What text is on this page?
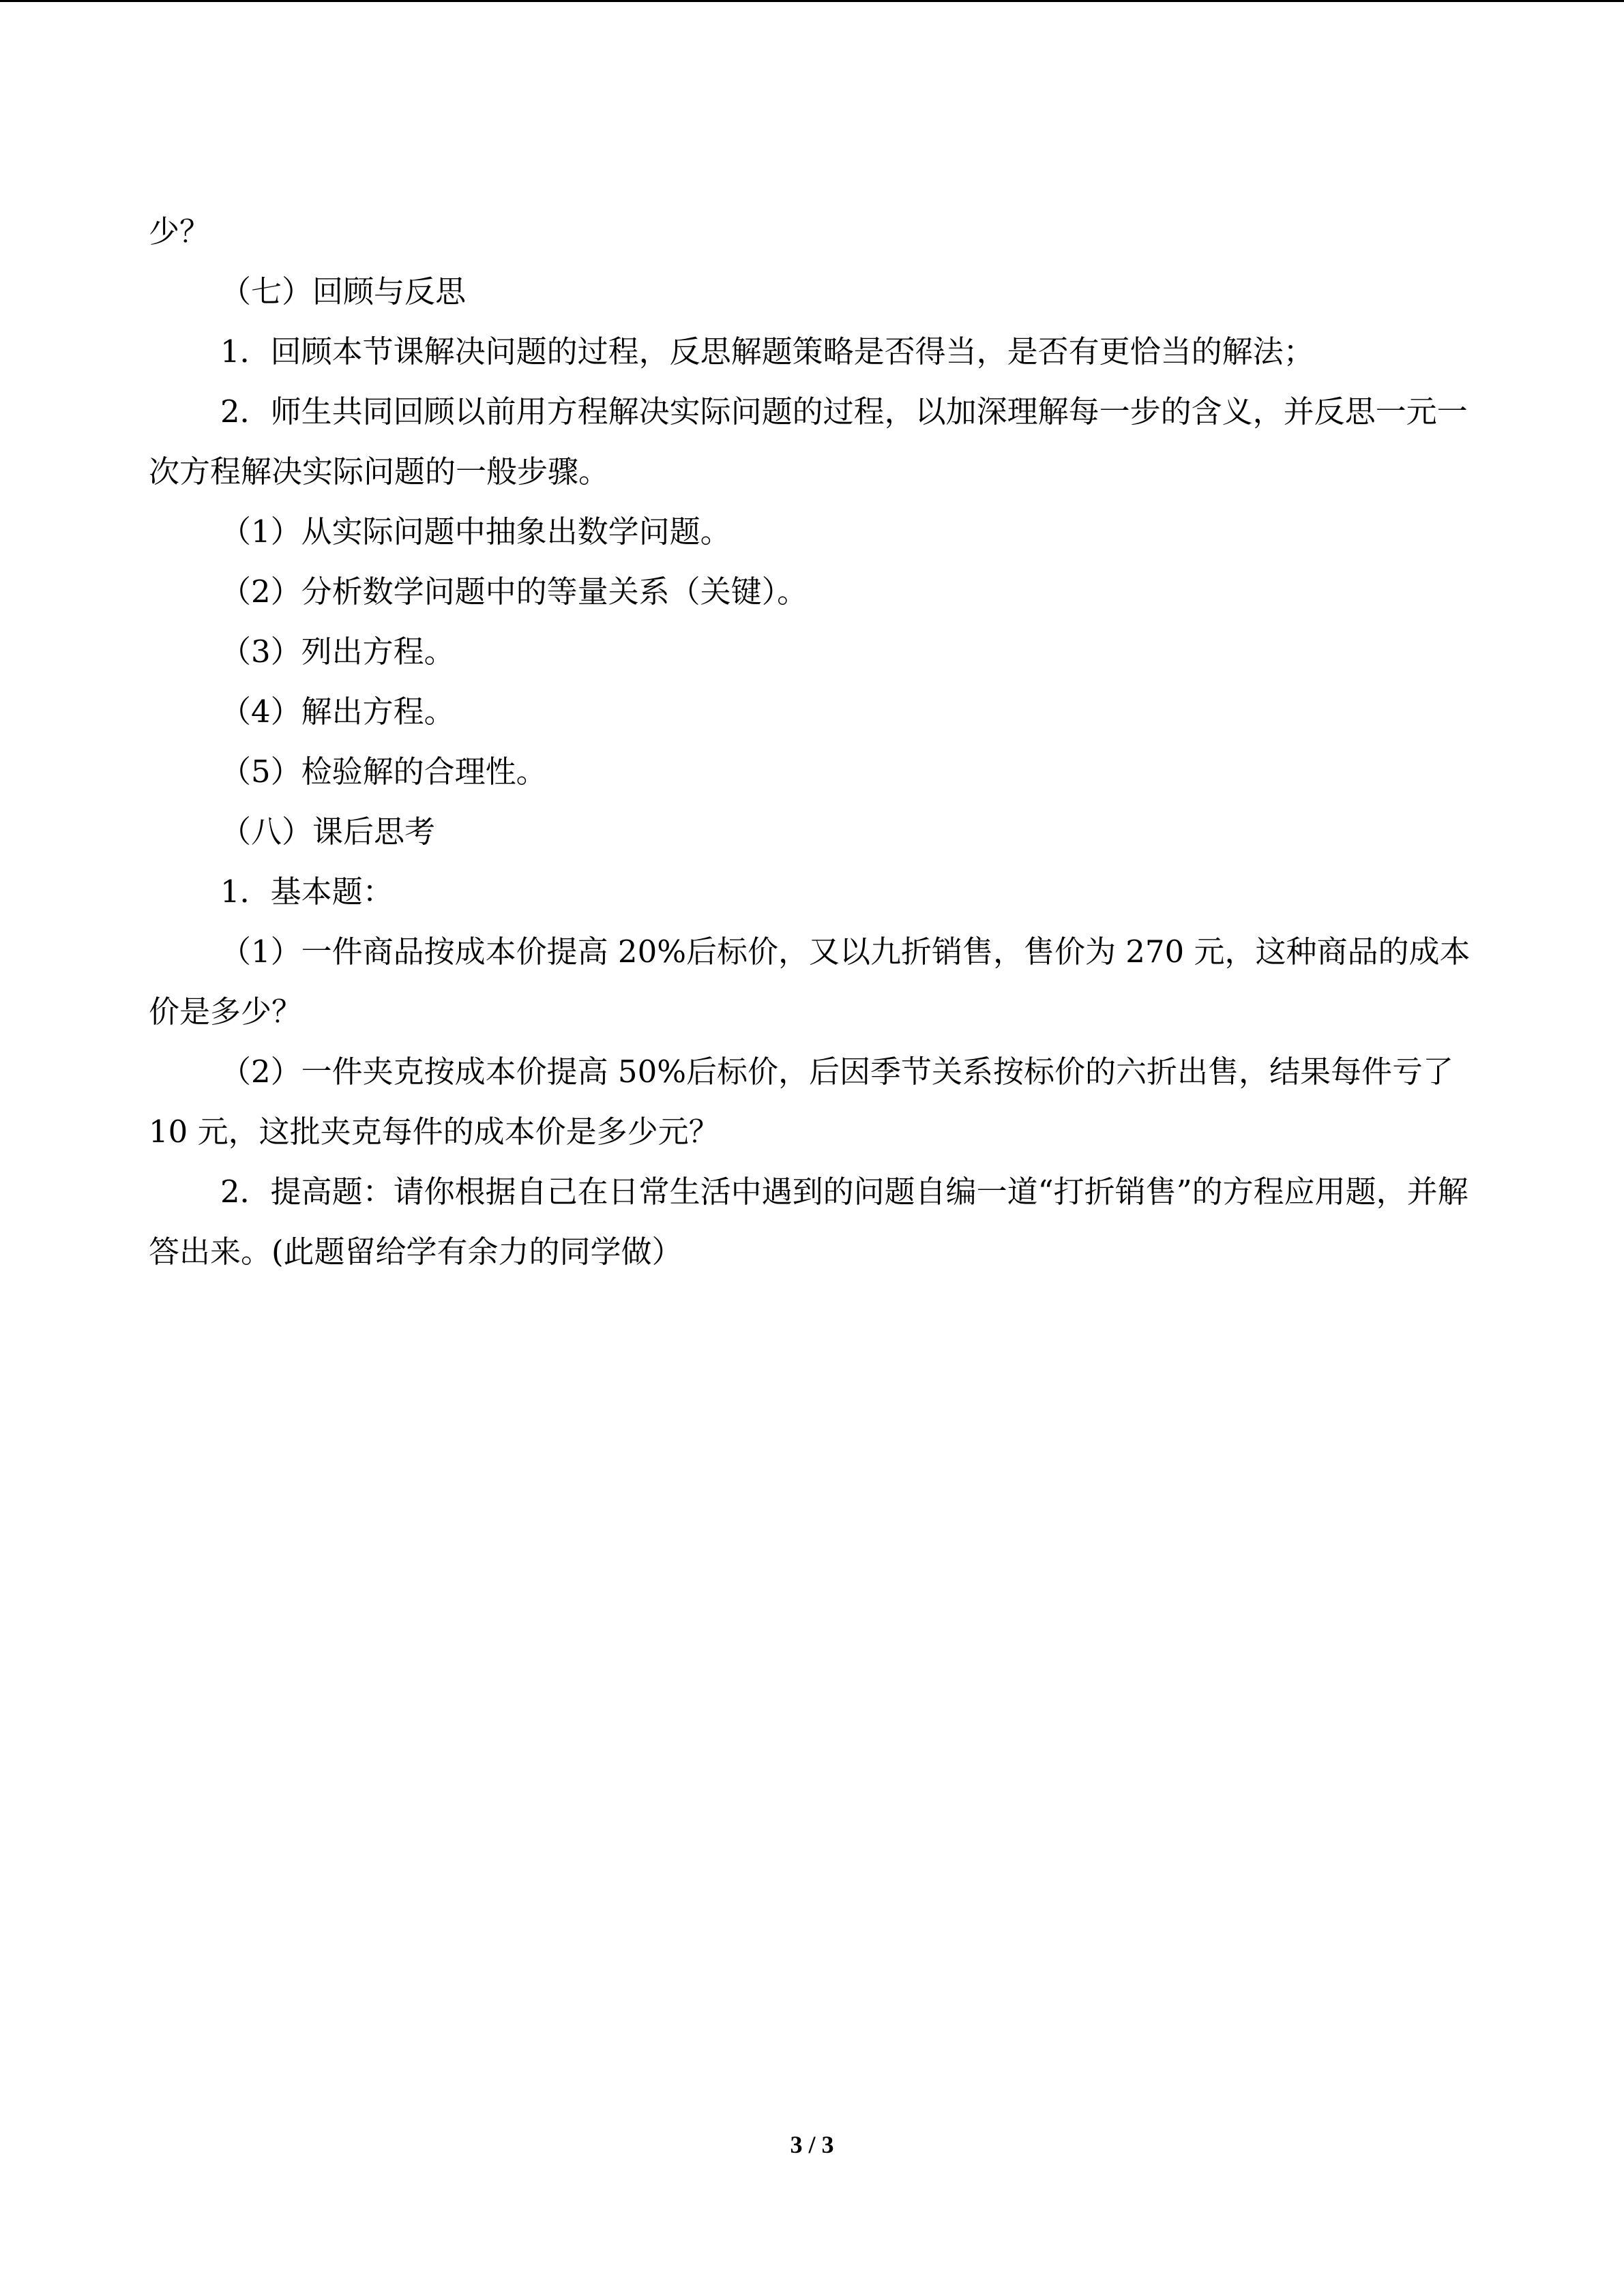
少？

（七）回顾与反思

1．回顾本节课解决问题的过程，反思解题策略是否得当，是否有更恰当的解法；

2．师生共同回顾以前用方程解决实际问题的过程，以加深理解每一步的含义，并反思一元一次方程解决实际问题的一般步骤。

（1）从实际问题中抽象出数学问题。

（2）分析数学问题中的等量关系（关键）。

（3）列出方程。

（4）解出方程。

（5）检验解的合理性。

（八）课后思考

1．基本题：

（1）一件商品按成本价提高 20%后标价，又以九折销售，售价为 270 元，这种商品的成本价是多少？

（2）一件夹克按成本价提高 50%后标价，后因季节关系按标价的六折出售，结果每件亏了 10 元，这批夹克每件的成本价是多少元？

2．提高题：请你根据自己在日常生活中遇到的问题自编一道“打折销售”的方程应用题，并解答出来。(此题留给学有余力的同学做）

3 / 3
